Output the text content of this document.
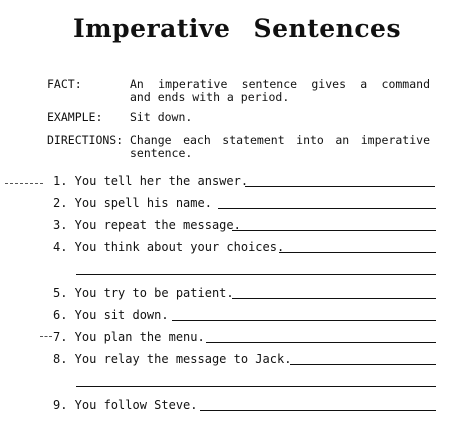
Imperative Sentences
FACT:	An imperative sentence gives a command
and ends with a period.
EXAMPLE: Sit down.
DIRECTIONS: Change each statement into an imperative
sentence.
1. You tell her the answer.
2. You spell his name.
3. You repeat the message.
4. You think about your choices.
5. You try to be patient.
6. You sit down.
7. You plan the menu.
8. You relay the message to Jack.
9. You follow Steve.
